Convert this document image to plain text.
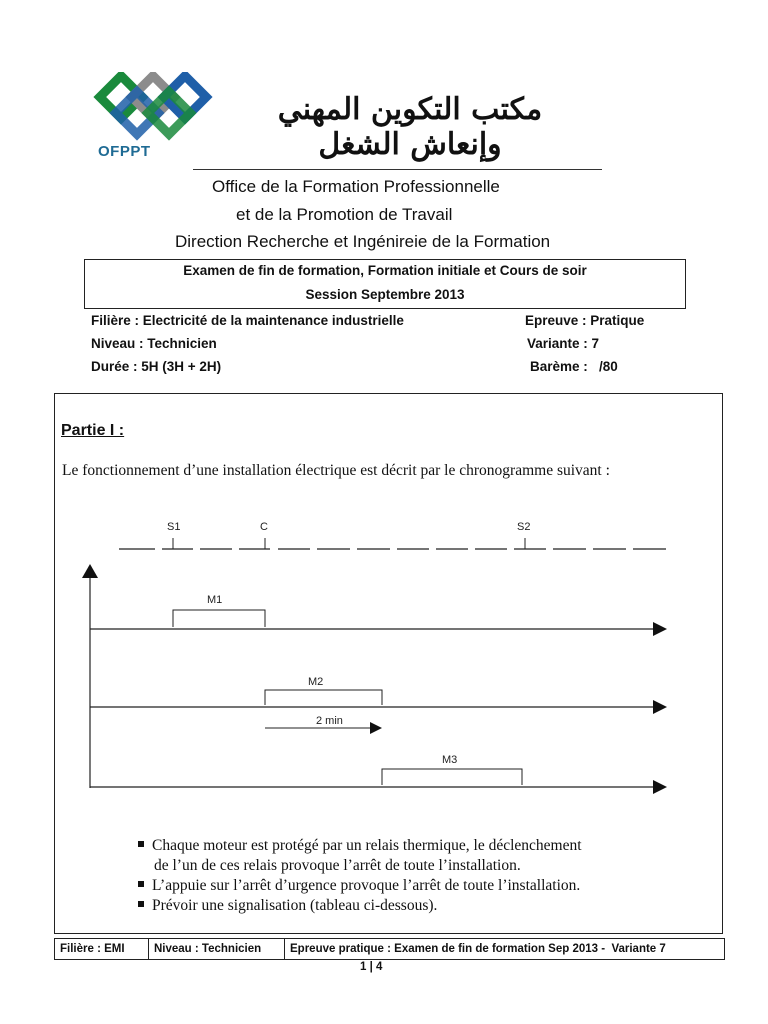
OFPPT
مكتب التكوين المهني وإنعاش الشغل
Office de la Formation Professionnelle
et de la Promotion de Travail
Direction Recherche et Ingénireie de la Formation
Examen de fin de formation, Formation initiale et Cours de soir
Session Septembre 2013
Filière : Electricité de la maintenance industrielle	Epreuve : Pratique
Niveau : Technicien	Variante : 7
Durée : 5H (3H + 2H)	Barème :   /80
Partie I :
Le fonctionnement d’une installation électrique est décrit par le chronogramme suivant :
S1	C	S2
M1
M2
2 min
M3
Chaque moteur est protégé par un relais thermique, le déclenchement
de l’un de ces relais provoque l’arrêt de toute l’installation.
L’appuie sur l’arrêt d’urgence provoque l’arrêt de toute l’installation.
Prévoir une signalisation (tableau ci-dessous).
Filière : EMI	Niveau : Technicien	Epreuve pratique : Examen de fin de formation Sep 2013 -  Variante 7
1 | 4
